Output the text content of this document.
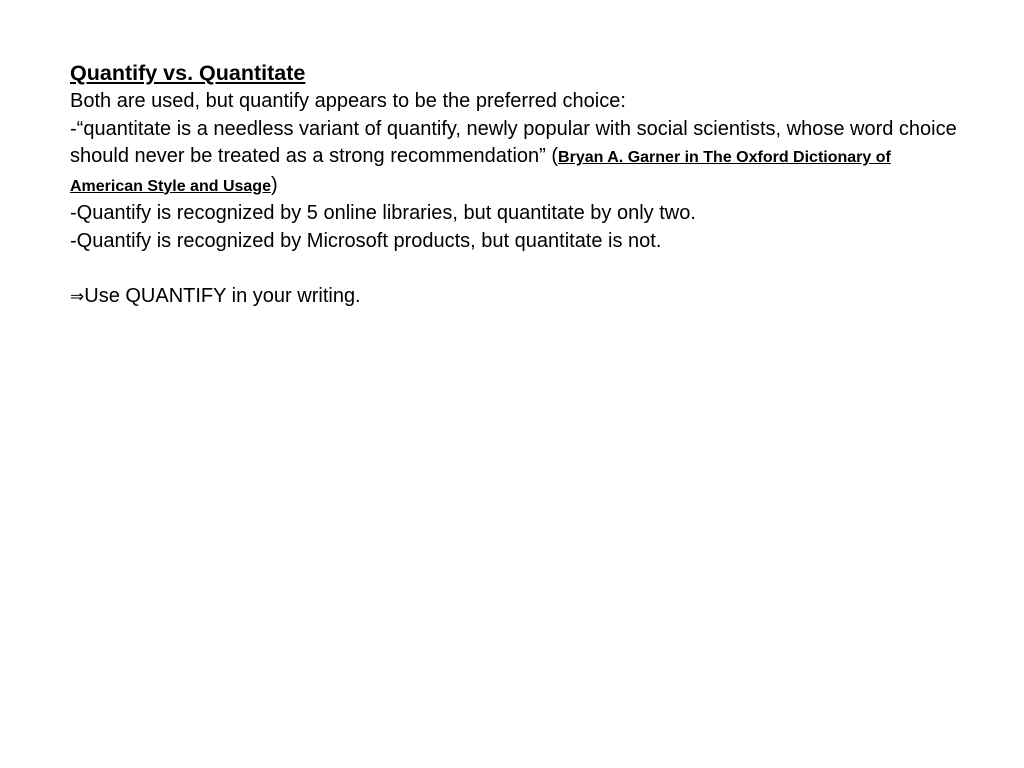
Quantify vs. Quantitate
Both are used, but quantify appears to be the preferred choice:
-“quantitate is a needless variant of quantify, newly popular with social scientists, whose word choice should never be treated as a strong recommendation” (Bryan A. Garner in The Oxford Dictionary of American Style and Usage)
-Quantify is recognized by 5 online libraries, but quantitate by only two.
-Quantify is recognized by Microsoft products, but quantitate is not.
⇒Use QUANTIFY in your writing.
